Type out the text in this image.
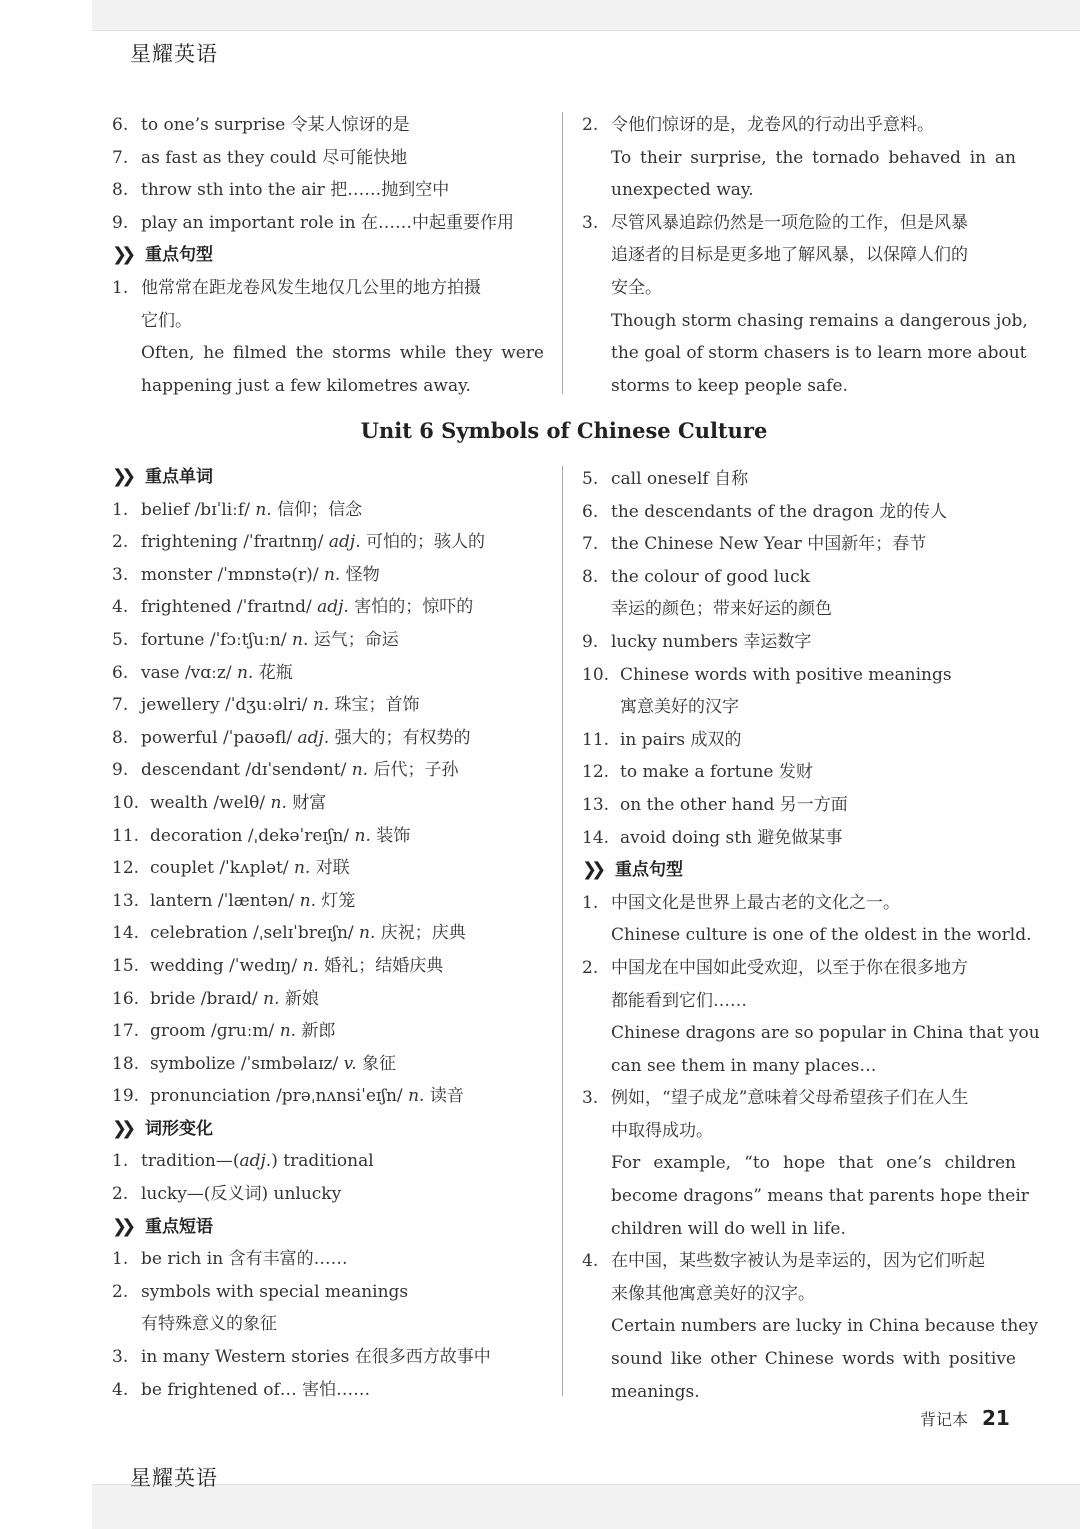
星耀英语
星耀英语
6. to one’s surprise 令某人惊讶的是
7. as fast as they could 尽可能快地
8. throw sth into the air 把……抛到空中
9. play an important role in 在……中起重要作用
❯❯ 重点句型
1. 他常常在距龙卷风发生地仅几公里的地方拍摄
它们。
Often, he filmed the storms while they were
happening just a few kilometres away.
2. 令他们惊讶的是，龙卷风的行动出乎意料。
To their surprise, the tornado behaved in an
unexpected way.
3. 尽管风暴追踪仍然是一项危险的工作，但是风暴
追逐者的目标是更多地了解风暴，以保障人们的
安全。
Though storm chasing remains a dangerous job,
the goal of storm chasers is to learn more about
storms to keep people safe.
Unit 6 Symbols of Chinese Culture
❯❯ 重点单词
1. belief /bɪˈliːf/ n. 信仰；信念
2. frightening /ˈfraɪtnɪŋ/ adj. 可怕的；骇人的
3. monster /ˈmɒnstə(r)/ n. 怪物
4. frightened /ˈfraɪtnd/ adj. 害怕的；惊吓的
5. fortune /ˈfɔːtʃuːn/ n. 运气；命运
6. vase /vɑːz/ n. 花瓶
7. jewellery /ˈdʒuːəlri/ n. 珠宝；首饰
8. powerful /ˈpaʊəfl/ adj. 强大的；有权势的
9. descendant /dɪˈsendənt/ n. 后代；子孙
10. wealth /welθ/ n. 财富
11. decoration /ˌdekəˈreɪʃn/ n. 装饰
12. couplet /ˈkʌplət/ n. 对联
13. lantern /ˈlæntən/ n. 灯笼
14. celebration /ˌselɪˈbreɪʃn/ n. 庆祝；庆典
15. wedding /ˈwedɪŋ/ n. 婚礼；结婚庆典
16. bride /braɪd/ n. 新娘
17. groom /ɡruːm/ n. 新郎
18. symbolize /ˈsɪmbəlaɪz/ v. 象征
19. pronunciation /prəˌnʌnsiˈeɪʃn/ n. 读音
❯❯ 词形变化
1. tradition—(adj.) traditional
2. lucky—(反义词) unlucky
❯❯ 重点短语
1. be rich in 含有丰富的……
2. symbols with special meanings
有特殊意义的象征
3. in many Western stories 在很多西方故事中
4. be frightened of… 害怕……
5. call oneself 自称
6. the descendants of the dragon 龙的传人
7. the Chinese New Year 中国新年；春节
8. the colour of good luck
幸运的颜色；带来好运的颜色
9. lucky numbers 幸运数字
10. Chinese words with positive meanings
寓意美好的汉字
11. in pairs 成双的
12. to make a fortune 发财
13. on the other hand 另一方面
14. avoid doing sth 避免做某事
❯❯ 重点句型
1. 中国文化是世界上最古老的文化之一。
Chinese culture is one of the oldest in the world.
2. 中国龙在中国如此受欢迎，以至于你在很多地方
都能看到它们……
Chinese dragons are so popular in China that you
can see them in many places…
3. 例如，“望子成龙”意味着父母希望孩子们在人生
中取得成功。
For example, “to hope that one’s children
become dragons” means that parents hope their
children will do well in life.
4. 在中国，某些数字被认为是幸运的，因为它们听起
来像其他寓意美好的汉字。
Certain numbers are lucky in China because they
sound like other Chinese words with positive
meanings.
背记本 21
